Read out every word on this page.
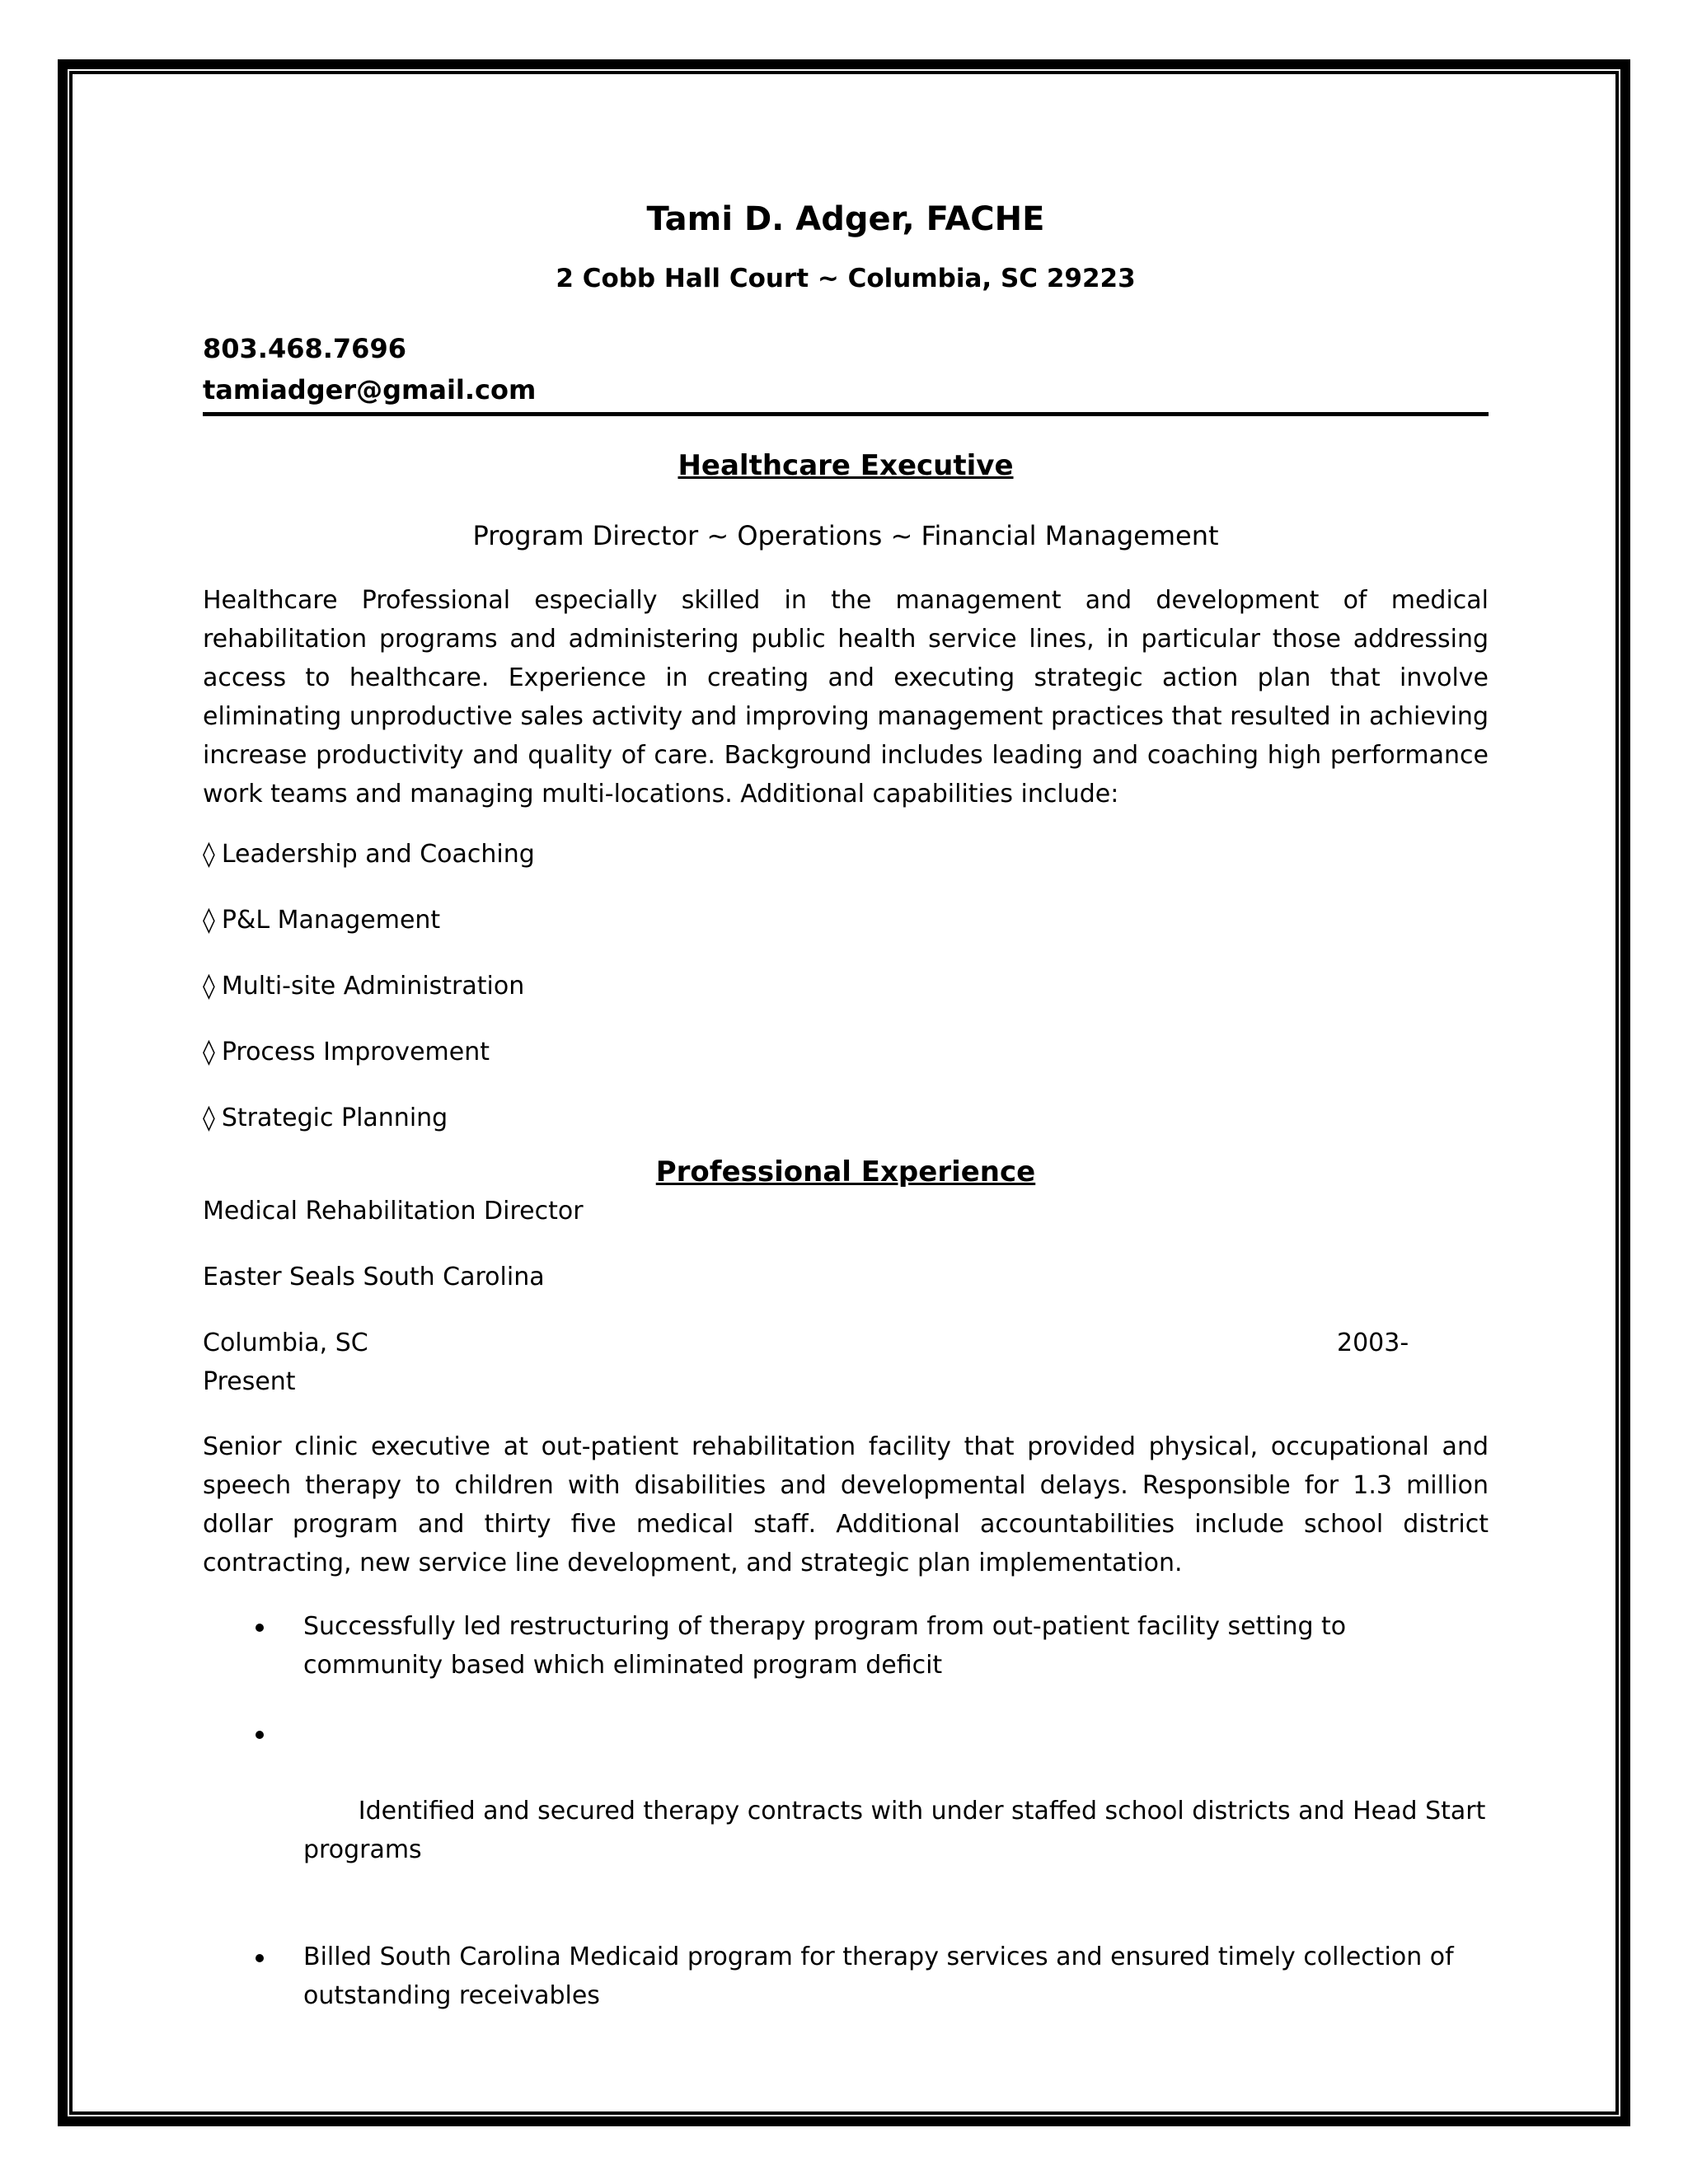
Tami D. Adger, FACHE
2 Cobb Hall Court ~ Columbia, SC 29223
803.468.7696
tamiadger@gmail.com
Healthcare Executive
Program Director ~ Operations ~ Financial Management
Healthcare Professional especially skilled in the management and development of medical rehabilitation programs and administering public health service lines, in particular those addressing access to healthcare. Experience in creating and executing strategic action plan that involve eliminating unproductive sales activity and improving management practices that resulted in achieving increase productivity and quality of care. Background includes leading and coaching high performance work teams and managing multi-locations. Additional capabilities include:
◊ Leadership and Coaching
◊ P&L Management
◊ Multi-site Administration
◊ Process Improvement
◊ Strategic Planning
Professional Experience
Medical Rehabilitation Director
Easter Seals South Carolina
Columbia, SC	2003-
Present
Senior clinic executive at out-patient rehabilitation facility that provided physical, occupational and speech therapy to children with disabilities and developmental delays. Responsible for 1.3 million dollar program and thirty five medical staff. Additional accountabilities include school district contracting, new service line development, and strategic plan implementation.
Successfully led restructuring of therapy program from out-patient facility setting to community based which eliminated program deficit

Identified and secured therapy contracts with under staffed school districts and Head Start programs

Billed South Carolina Medicaid program for therapy services and ensured timely collection of outstanding receivables
